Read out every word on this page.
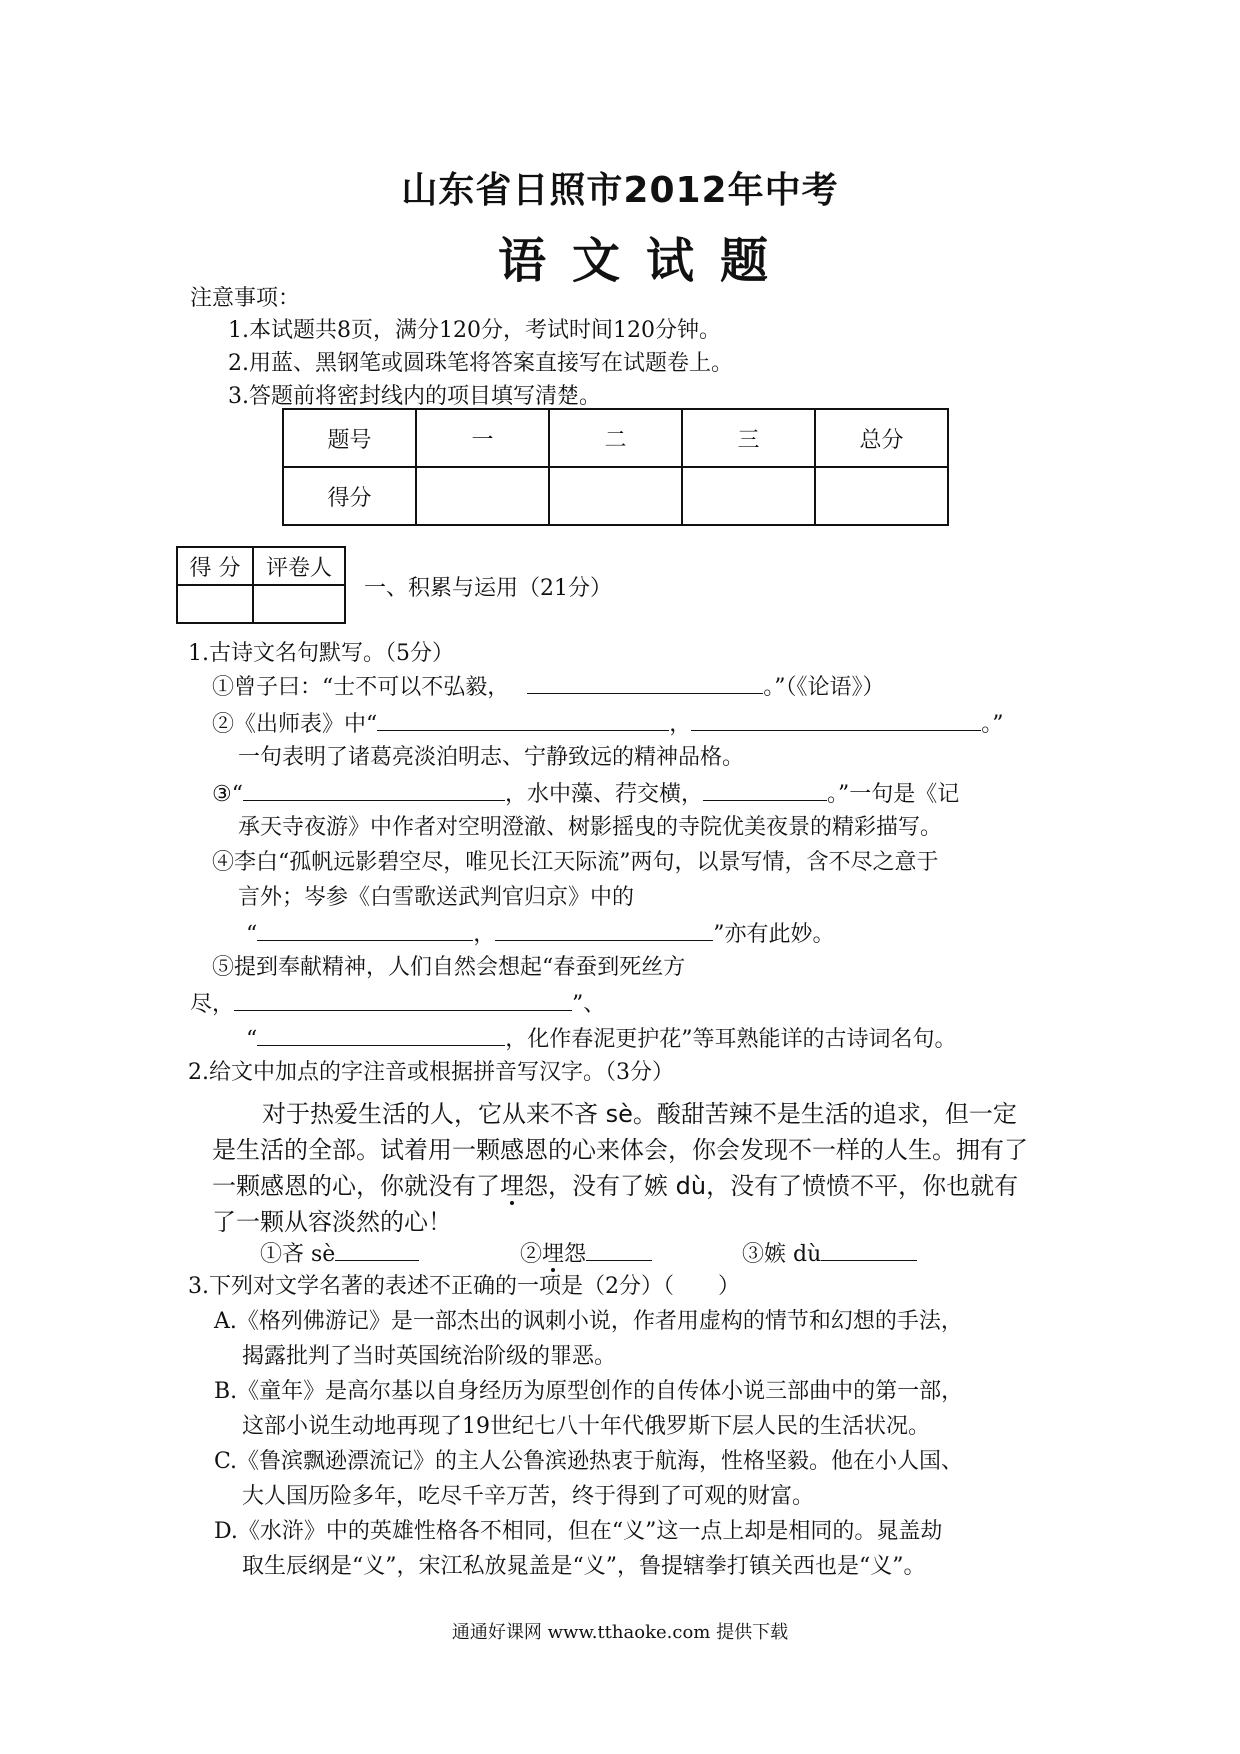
山东省日照市2012年中考
语文试题
注意事项：
1.本试题共8页，满分120分，考试时间120分钟。
2.用蓝、黑钢笔或圆珠笔将答案直接写在试题卷上。
3.答题前将密封线内的项目填写清楚。
题号	一	二	三	总分
得分				
得 分	评卷人

一、积累与运用（21分）
1.古诗文名句默写。（5分）
①曾子曰：“士不可以不弘毅，	。”（《论语》）
②《出师表》中“	，	。”
一句表明了诸葛亮淡泊明志、宁静致远的精神品格。
③“	，水中藻、荇交横，	。”一句是《记
承天寺夜游》中作者对空明澄澈、树影摇曳的寺院优美夜景的精彩描写。
④李白“孤帆远影碧空尽，唯见长江天际流”两句，以景写情，含不尽之意于
言外；岑参《白雪歌送武判官归京》中的
“	，	”亦有此妙。
⑤提到奉献精神，人们自然会想起“春蚕到死丝方
尽，	”、
“	，化作春泥更护花”等耳熟能详的古诗词名句。
2.给文中加点的字注音或根据拼音写汉字。（3分）
对于热爱生活的人，它从来不吝 sè。酸甜苦辣不是生活的追求，但一定
是生活的全部。试着用一颗感恩的心来体会，你会发现不一样的人生。拥有了
一颗感恩的心，你就没有了埋怨，没有了嫉 dù，没有了愤愤不平，你也就有
了一颗从容淡然的心！
①吝 sè	②埋怨	③嫉 dù
3.下列对文学名著的表述不正确的一项是（2分）（　　）
A.《格列佛游记》是一部杰出的讽刺小说，作者用虚构的情节和幻想的手法，
揭露批判了当时英国统治阶级的罪恶。
B.《童年》是高尔基以自身经历为原型创作的自传体小说三部曲中的第一部，
这部小说生动地再现了19世纪七八十年代俄罗斯下层人民的生活状况。
C.《鲁滨飘逊漂流记》的主人公鲁滨逊热衷于航海，性格坚毅。他在小人国、
大人国历险多年，吃尽千辛万苦，终于得到了可观的财富。
D.《水浒》中的英雄性格各不相同，但在“义”这一点上却是相同的。晁盖劫
取生辰纲是“义”，宋江私放晁盖是“义”，鲁提辖拳打镇关西也是“义”。
通通好课网 www.tthaoke.com 提供下载
